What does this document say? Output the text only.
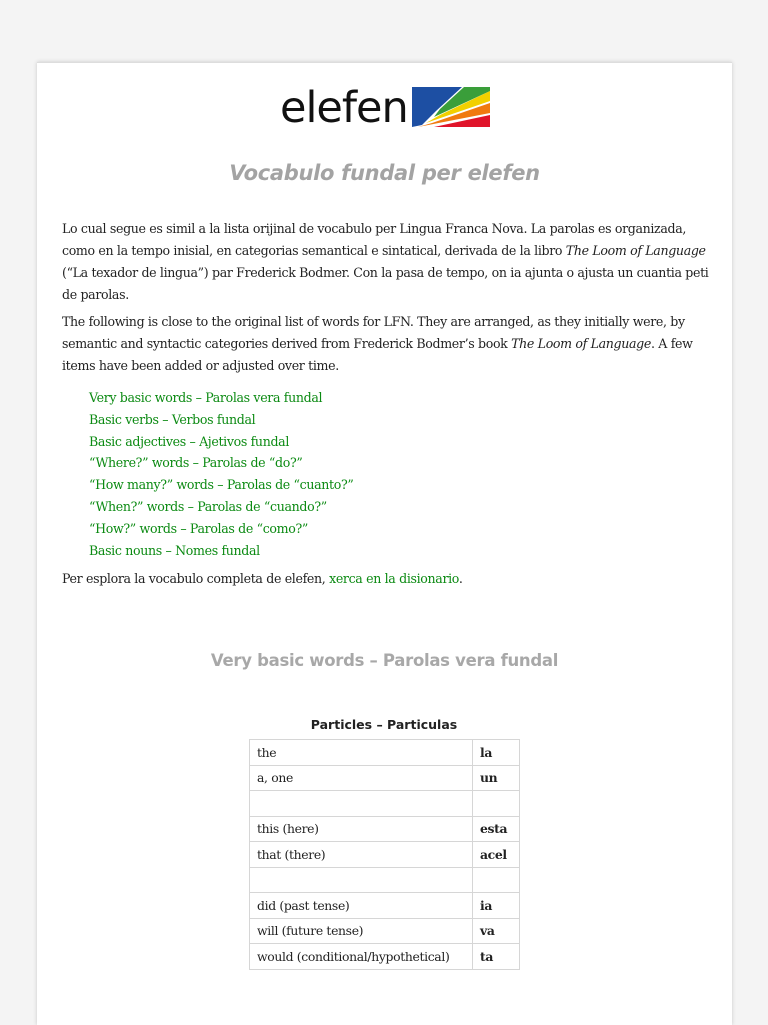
elefen
Vocabulo fundal per elefen

Lo cual segue es simil a la lista orijinal de vocabulo per Lingua Franca Nova. La parolas es organizada, como en la tempo inisial, en categorias semantical e sintatical, derivada de la libro The Loom of Language (“La texador de lingua”) par Frederick Bodmer. Con la pasa de tempo, on ia ajunta o ajusta un cuantia peti de parolas.

The following is close to the original list of words for LFN. They are arranged, as they initially were, by semantic and syntactic categories derived from Frederick Bodmer’s book The Loom of Language. A few items have been added or adjusted over time.

Very basic words – Parolas vera fundal
Basic verbs – Verbos fundal
Basic adjectives – Ajetivos fundal
“Where?” words – Parolas de “do?”
“How many?” words – Parolas de “cuanto?”
“When?” words – Parolas de “cuando?”
“How?” words – Parolas de “como?”
Basic nouns – Nomes fundal

Per esplora la vocabulo completa de elefen, xerca en la disionario.

Very basic words – Parolas vera fundal
Particles – Particulas
the	la
a, one	un

this (here)	esta
that (there)	acel

did (past tense)	ia
will (future tense)	va
would (conditional/hypothetical)	ta
